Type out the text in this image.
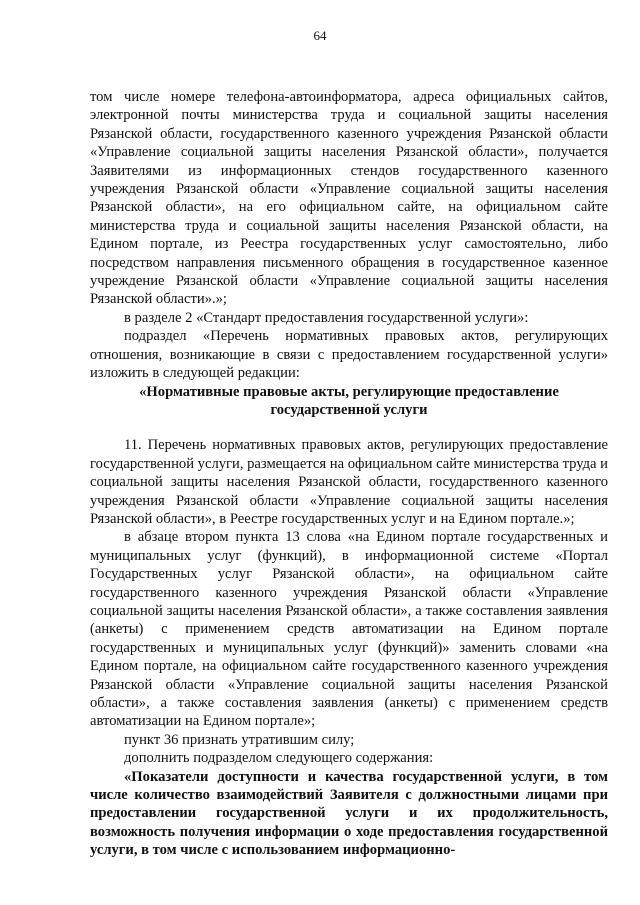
64

том числе номере телефона-автоинформатора, адреса официальных сайтов, электронной почты министерства труда и социальной защиты населения Рязанской области, государственного казенного учреждения Рязанской области «Управление социальной защиты населения Рязанской области», получается Заявителями из информационных стендов государственного казенного учреждения Рязанской области «Управление социальной защиты населения Рязанской области», на его официальном сайте, на официальном сайте министерства труда и социальной защиты населения Рязанской области, на Едином портале, из Реестра государственных услуг самостоятельно, либо посредством направления письменного обращения в государственное казенное учреждение Рязанской области «Управление социальной защиты населения Рязанской области».»;

в разделе 2 «Стандарт предоставления государственной услуги»:

подраздел «Перечень нормативных правовых актов, регулирующих отношения, возникающие в связи с предоставлением государственной услуги» изложить в следующей редакции:

«Нормативные правовые акты, регулирующие предоставление государственной услуги

11. Перечень нормативных правовых актов, регулирующих предоставление государственной услуги, размещается на официальном сайте министерства труда и социальной защиты населения Рязанской области, государственного казенного учреждения Рязанской области «Управление социальной защиты населения Рязанской области», в Реестре государственных услуг и на Едином портале.»;

в абзаце втором пункта 13 слова «на Едином портале государственных и муниципальных услуг (функций), в информационной системе «Портал Государственных услуг Рязанской области», на официальном сайте государственного казенного учреждения Рязанской области «Управление социальной защиты населения Рязанской области», а также составления заявления (анкеты) с применением средств автоматизации на Едином портале государственных и муниципальных услуг (функций)» заменить словами «на Едином портале, на официальном сайте государственного казенного учреждения Рязанской области «Управление социальной защиты населения Рязанской области», а также составления заявления (анкеты) с применением средств автоматизации на Едином портале»;

пункт 36 признать утратившим силу;

дополнить подразделом следующего содержания:

«Показатели доступности и качества государственной услуги, в том числе количество взаимодействий Заявителя с должностными лицами при предоставлении государственной услуги и их продолжительность, возможность получения информации о ходе предоставления государственной услуги, в том числе с использованием информационно-
